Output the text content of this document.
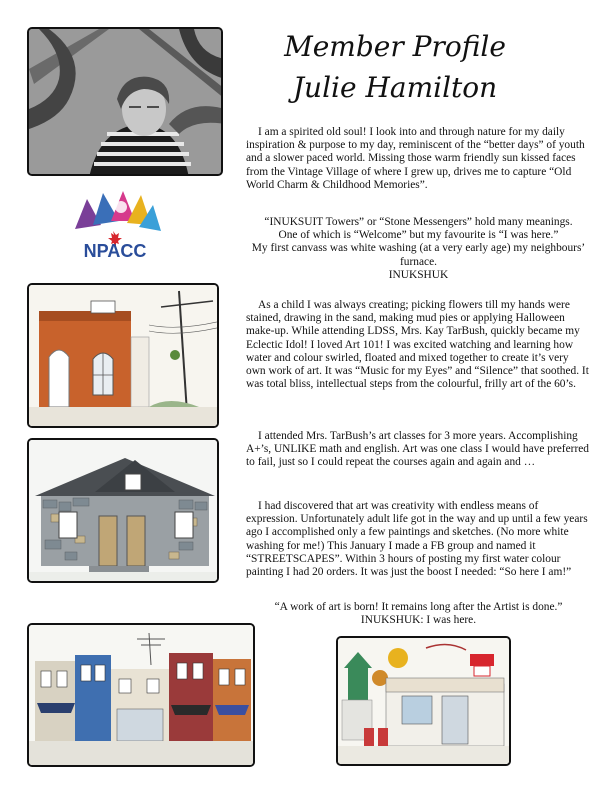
NPACC
Member Profile
Julie Hamilton

I am a spirited old soul! I look into and through nature for my daily inspiration & purpose to my day, reminiscent of the “better days” of youth and a slower paced world. Missing those warm friendly sun kissed faces from the Vintage Village of where I grew up, drives me to capture “Old World Charm & Childhood Memories”.

“INUKSUIT Towers” or “Stone Messengers” hold many meanings.
One of which is “Welcome” but my favourite is “I was here.”
My first canvass was white washing (at a very early age) my neighbours’ furnace.
INUKSHUK

As a child I was always creating; picking flowers till my hands were stained, drawing in the sand, making mud pies or applying Halloween make-up. While attending LDSS, Mrs. Kay TarBush, quickly became my Eclectic Idol! I loved Art 101! I was excited watching and learning how water and colour swirled, floated and mixed together to create it’s very own work of art. It was “Music for my Eyes” and “Silence” that soothed. It was total bliss, intellectual steps from the colourful, frilly art of the 60’s.

I attended Mrs. TarBush’s art classes for 3 more years. Accomplishing A+’s, UNLIKE math and english. Art was one class I would have preferred to fail, just so I could repeat the courses again and again and …

I had discovered that art was creativity with endless means of expression. Unfortunately adult life got in the way and up until a few years ago I accomplished only a few paintings and sketches. (No more white washing for me!) This January I made a FB group and named it “STREETSCAPES”. Within 3 hours of posting my first water colour painting I had 20 orders. It was just the boost I needed: “So here I am!”

“A work of art is born! It remains long after the Artist is done.”
INUKSHUK: I was here.
